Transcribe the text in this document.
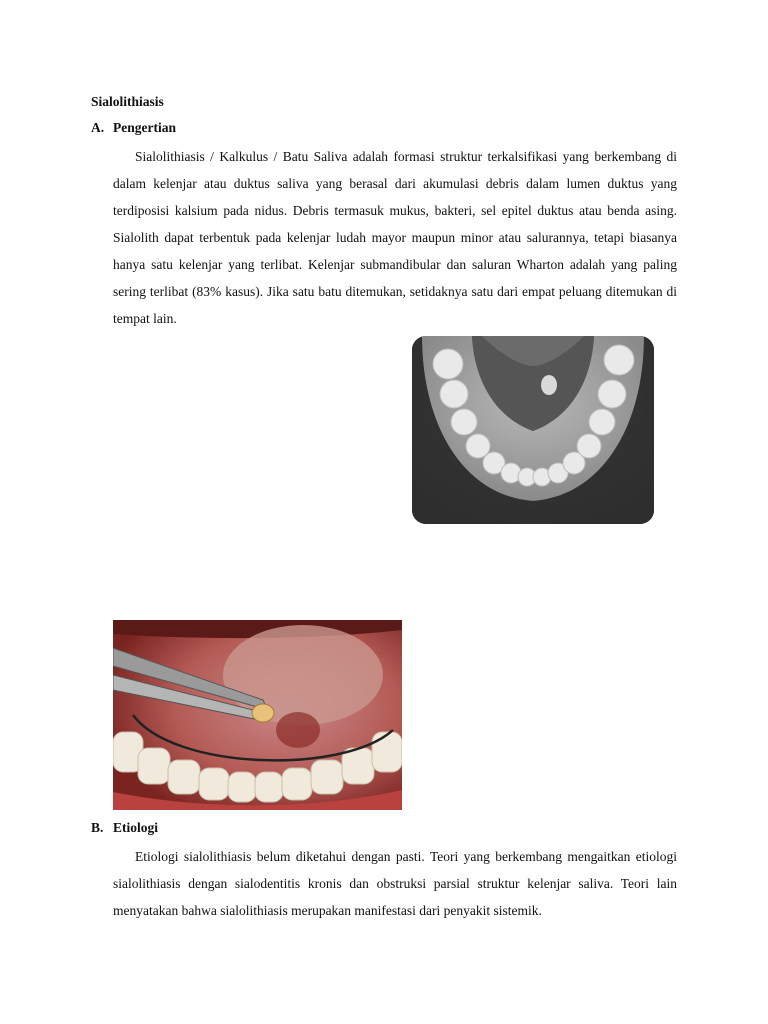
Sialolithiasis
A. Pengertian
Sialolithiasis / Kalkulus / Batu Saliva adalah formasi struktur terkalsifikasi yang berkembang di dalam kelenjar atau duktus saliva yang berasal dari akumulasi debris dalam lumen duktus yang terdiposisi kalsium pada nidus. Debris termasuk mukus, bakteri, sel epitel duktus atau benda asing. Sialolith dapat terbentuk pada kelenjar ludah mayor maupun minor atau salurannya, tetapi biasanya hanya satu kelenjar yang terlibat. Kelenjar submandibular dan saluran Wharton adalah yang paling sering terlibat (83% kasus). Jika satu batu ditemukan, setidaknya satu dari empat peluang ditemukan di tempat lain.
B. Etiologi
Etiologi sialolithiasis belum diketahui dengan pasti. Teori yang berkembang mengaitkan etiologi sialolithiasis dengan sialodentitis kronis dan obstruksi parsial struktur kelenjar saliva. Teori lain menyatakan bahwa sialolithiasis merupakan manifestasi dari penyakit sistemik.
